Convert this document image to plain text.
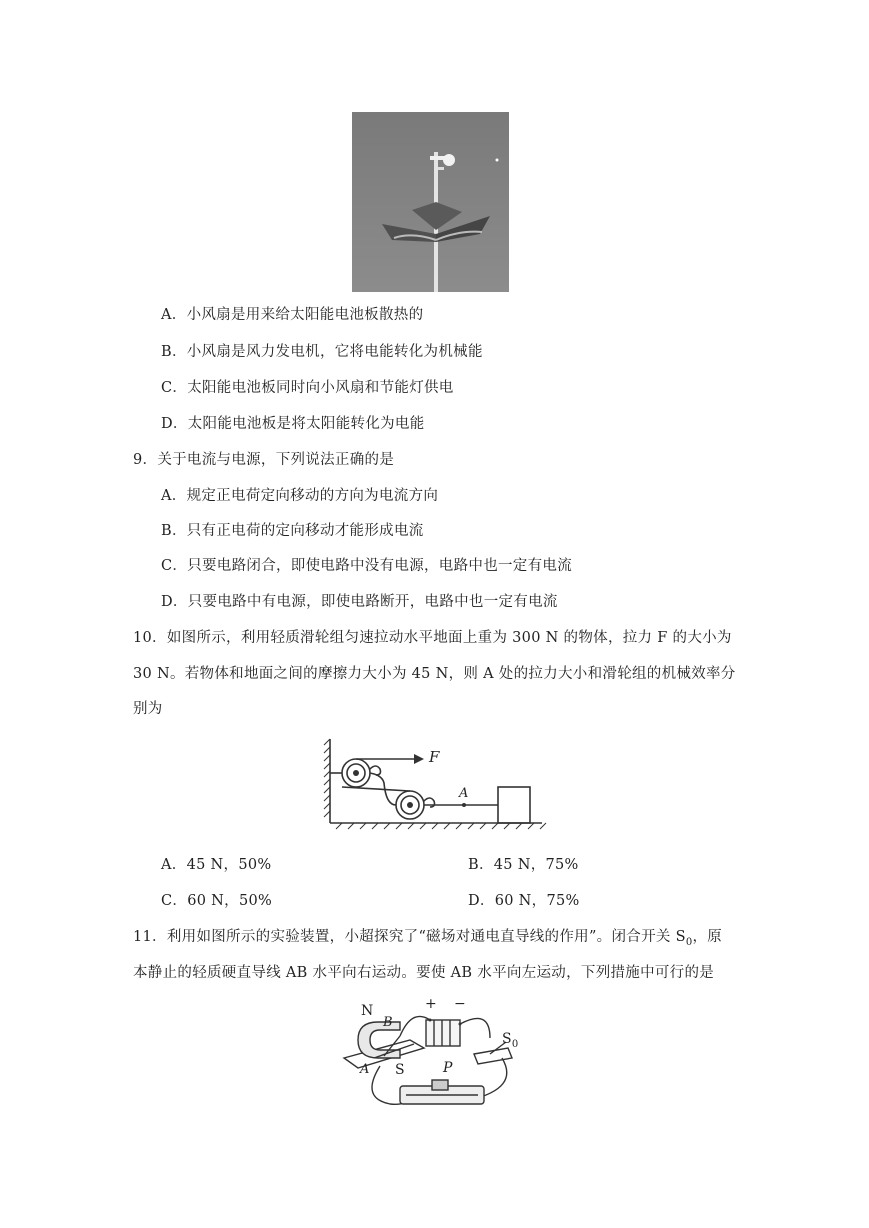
A．小风扇是用来给太阳能电池板散热的
B．小风扇是风力发电机，它将电能转化为机械能
C．太阳能电池板同时向小风扇和节能灯供电
D．太阳能电池板是将太阳能转化为电能
9．关于电流与电源，下列说法正确的是
A．规定正电荷定向移动的方向为电流方向
B．只有正电荷的定向移动才能形成电流
C．只要电路闭合，即使电路中没有电源，电路中也一定有电流
D．只要电路中有电源，即使电路断开，电路中也一定有电流
10．如图所示，利用轻质滑轮组匀速拉动水平地面上重为 300 N 的物体，拉力 F 的大小为
30 N。若物体和地面之间的摩擦力大小为 45 N，则 A 处的拉力大小和滑轮组的机械效率分
别为
F
A
A．45 N，50%	B．45 N，75%
C．60 N，50%	D．60 N，75%
11．利用如图所示的实验装置，小超探究了“磁场对通电直导线的作用”。闭合开关 $S_0$，原
本静止的轻质硬直导线 AB 水平向右运动。要使 AB 水平向左运动，下列措施中可行的是
N
B
+ −
$S_0$
A S	P
